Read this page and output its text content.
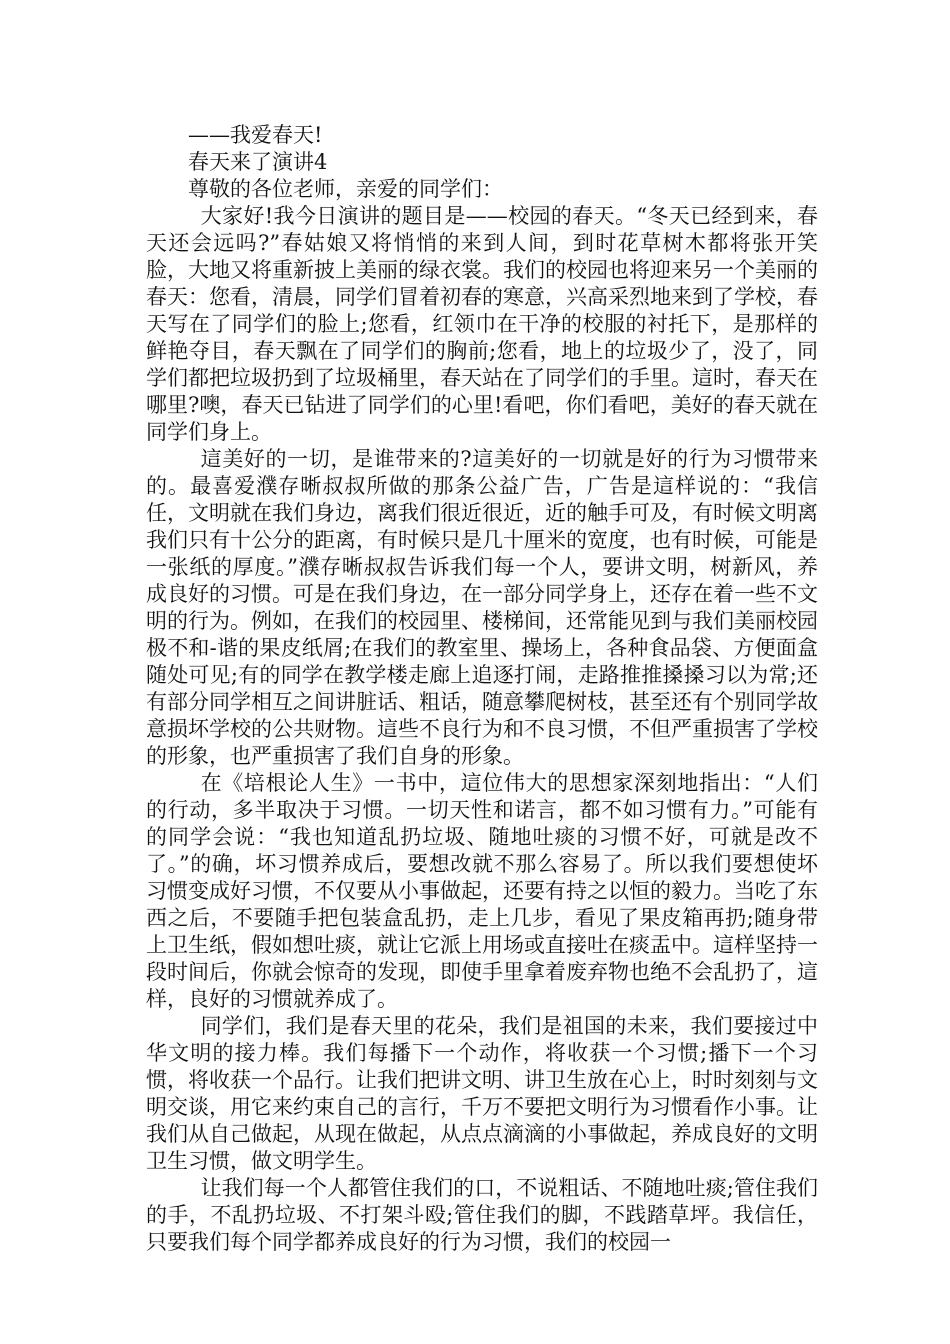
——我爱春天!

春天来了演讲4

尊敬的各位老师，亲爱的同学们：

大家好!我今日演讲的题目是——校园的春天。“冬天已经到来，春天还会远吗?”春姑娘又将悄悄的来到人间，到时花草树木都将张开笑脸，大地又将重新披上美丽的绿衣裳。我们的校园也将迎来另一个美丽的春天：您看，清晨，同学们冒着初春的寒意，兴高采烈地来到了学校，春天写在了同学们的脸上;您看，红领巾在干净的校服的衬托下，是那样的鲜艳夺目，春天飘在了同学们的胸前;您看，地上的垃圾少了，没了，同学们都把垃圾扔到了垃圾桶里，春天站在了同学们的手里。這时，春天在哪里?噢，春天已钻进了同学们的心里!看吧，你们看吧，美好的春天就在同学们身上。

這美好的一切，是谁带来的?這美好的一切就是好的行为习惯带来的。最喜爱濮存晰叔叔所做的那条公益广告，广告是這样说的：“我信任，文明就在我们身边，离我们很近很近，近的触手可及，有时候文明离我们只有十公分的距离，有时候只是几十厘米的宽度，也有时候，可能是一张纸的厚度。”濮存晰叔叔告诉我们每一个人，要讲文明，树新风，养成良好的习惯。可是在我们身边，在一部分同学身上，还存在着一些不文明的行为。例如，在我们的校园里、楼梯间，还常能见到与我们美丽校园极不和-谐的果皮纸屑;在我们的教室里、操场上，各种食品袋、方便面盒随处可见;有的同学在教学楼走廊上追逐打闹，走路推推搡搡习以为常;还有部分同学相互之间讲脏话、粗话，随意攀爬树枝，甚至还有个别同学故意损坏学校的公共财物。這些不良行为和不良习惯，不但严重损害了学校的形象，也严重损害了我们自身的形象。

在《培根论人生》一书中，這位伟大的思想家深刻地指出：“人们的行动，多半取决于习惯。一切天性和诺言，都不如习惯有力。”可能有的同学会说：“我也知道乱扔垃圾、随地吐痰的习惯不好，可就是改不了。”的确，坏习惯养成后，要想改就不那么容易了。所以我们要想使坏习惯变成好习惯，不仅要从小事做起，还要有持之以恒的毅力。当吃了东西之后，不要随手把包装盒乱扔，走上几步，看见了果皮箱再扔;随身带上卫生纸，假如想吐痰，就让它派上用场或直接吐在痰盂中。這样坚持一段时间后，你就会惊奇的发现，即使手里拿着废弃物也绝不会乱扔了，這样，良好的习惯就养成了。

同学们，我们是春天里的花朵，我们是祖国的未来，我们要接过中华文明的接力棒。我们每播下一个动作，将收获一个习惯;播下一个习惯，将收获一个品行。让我们把讲文明、讲卫生放在心上，时时刻刻与文明交谈，用它来约束自己的言行，千万不要把文明行为习惯看作小事。让我们从自己做起，从现在做起，从点点滴滴的小事做起，养成良好的文明卫生习惯，做文明学生。

让我们每一个人都管住我们的口，不说粗话、不随地吐痰;管住我们的手，不乱扔垃圾、不打架斗殴;管住我们的脚，不践踏草坪。我信任，只要我们每个同学都养成良好的行为习惯，我们的校园一
